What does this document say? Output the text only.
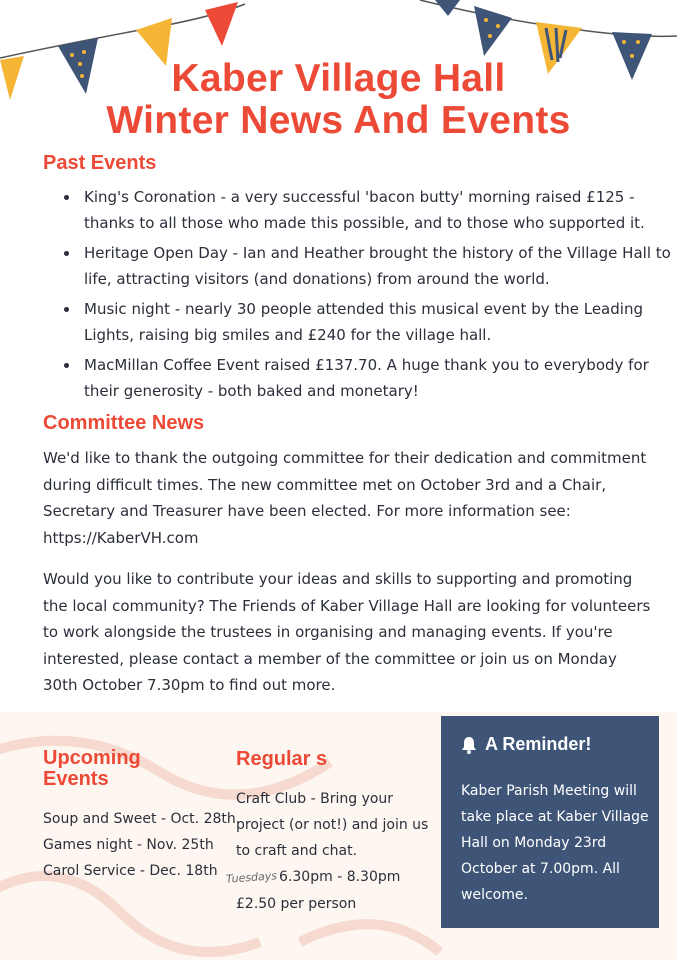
Kaber Village Hall
Winter News And Events
Past Events
• King's Coronation - a very successful 'bacon butty' morning raised £125 - thanks to all those who made this possible, and to those who supported it.
• Heritage Open Day - Ian and Heather brought the history of the Village Hall to life, attracting visitors (and donations) from around the world.
• Music night - nearly 30 people attended this musical event by the Leading Lights, raising big smiles and £240 for the village hall.
• MacMillan Coffee Event raised £137.70. A huge thank you to everybody for their generosity - both baked and monetary!
Committee News

We'd like to thank the outgoing committee for their dedication and commitment during difficult times. The new committee met on October 3rd and a Chair, Secretary and Treasurer have been elected. For more information see: https://KaberVH.com

Would you like to contribute your ideas and skills to supporting and promoting the local community? The Friends of Kaber Village Hall are looking for volunteers to work alongside the trustees in organising and managing events. If you're interested, please contact a member of the committee or join us on Monday 30th October 7.30pm to find out more.

Upcoming
Events
Soup and Sweet - Oct. 28th
Games night - Nov. 25th
Carol Service - Dec. 18th
Regular s
Craft Club - Bring your
project (or not!) and join us
to craft and chat.
Tuesdays 6.30pm - 8.30pm
£2.50 per person
A Reminder!
Kaber Parish Meeting will take place at Kaber Village Hall on Monday 23rd October at 7.00pm. All welcome.
